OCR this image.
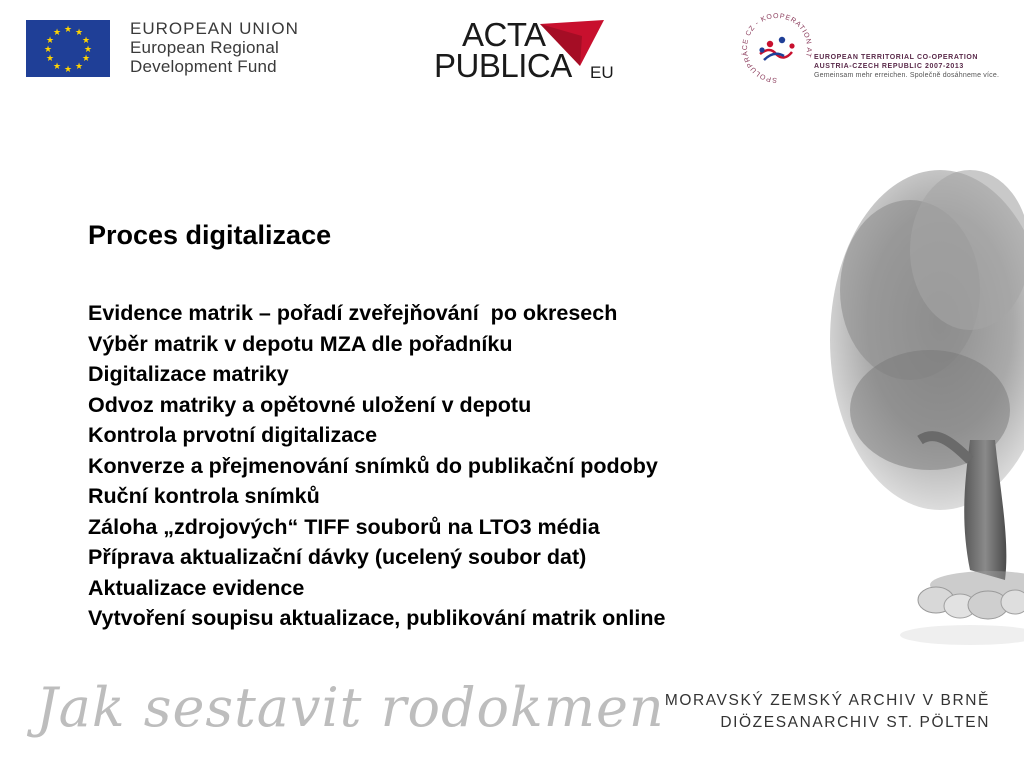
★ ★
★
★
★
★
★
★
★
★
★
★	EUROPEAN UNION
European Regional
Development Fund
ACTA
PUBLICA EU	SPOLUPRÁCE CZ - KOOPERATION AT EUROPEAN TERRITORIAL CO-OPERATION
AUSTRIA-CZECH REPUBLIC 2007-2013
Gemeinsam mehr erreichen. Společně dosáhneme více.
Proces digitalizace
Evidence matrik – pořadí zveřejňování  po okresech
Výběr matrik v depotu MZA dle pořadníku
Digitalizace matriky
Odvoz matriky a opětovné uložení v depotu
Kontrola prvotní digitalizace
Konverze a přejmenování snímků do publikační podoby
Ruční kontrola snímků
Záloha „zdrojových“ TIFF souborů na LTO3 média
Příprava aktualizační dávky (ucelený soubor dat)
Aktualizace evidence
Vytvoření soupisu aktualizace, publikování matrik online
Jak sestavit rodokmen MORAVSKÝ ZEMSKÝ ARCHIV V BRNĚ
DIÖZESANARCHIV ST. PÖLTEN
